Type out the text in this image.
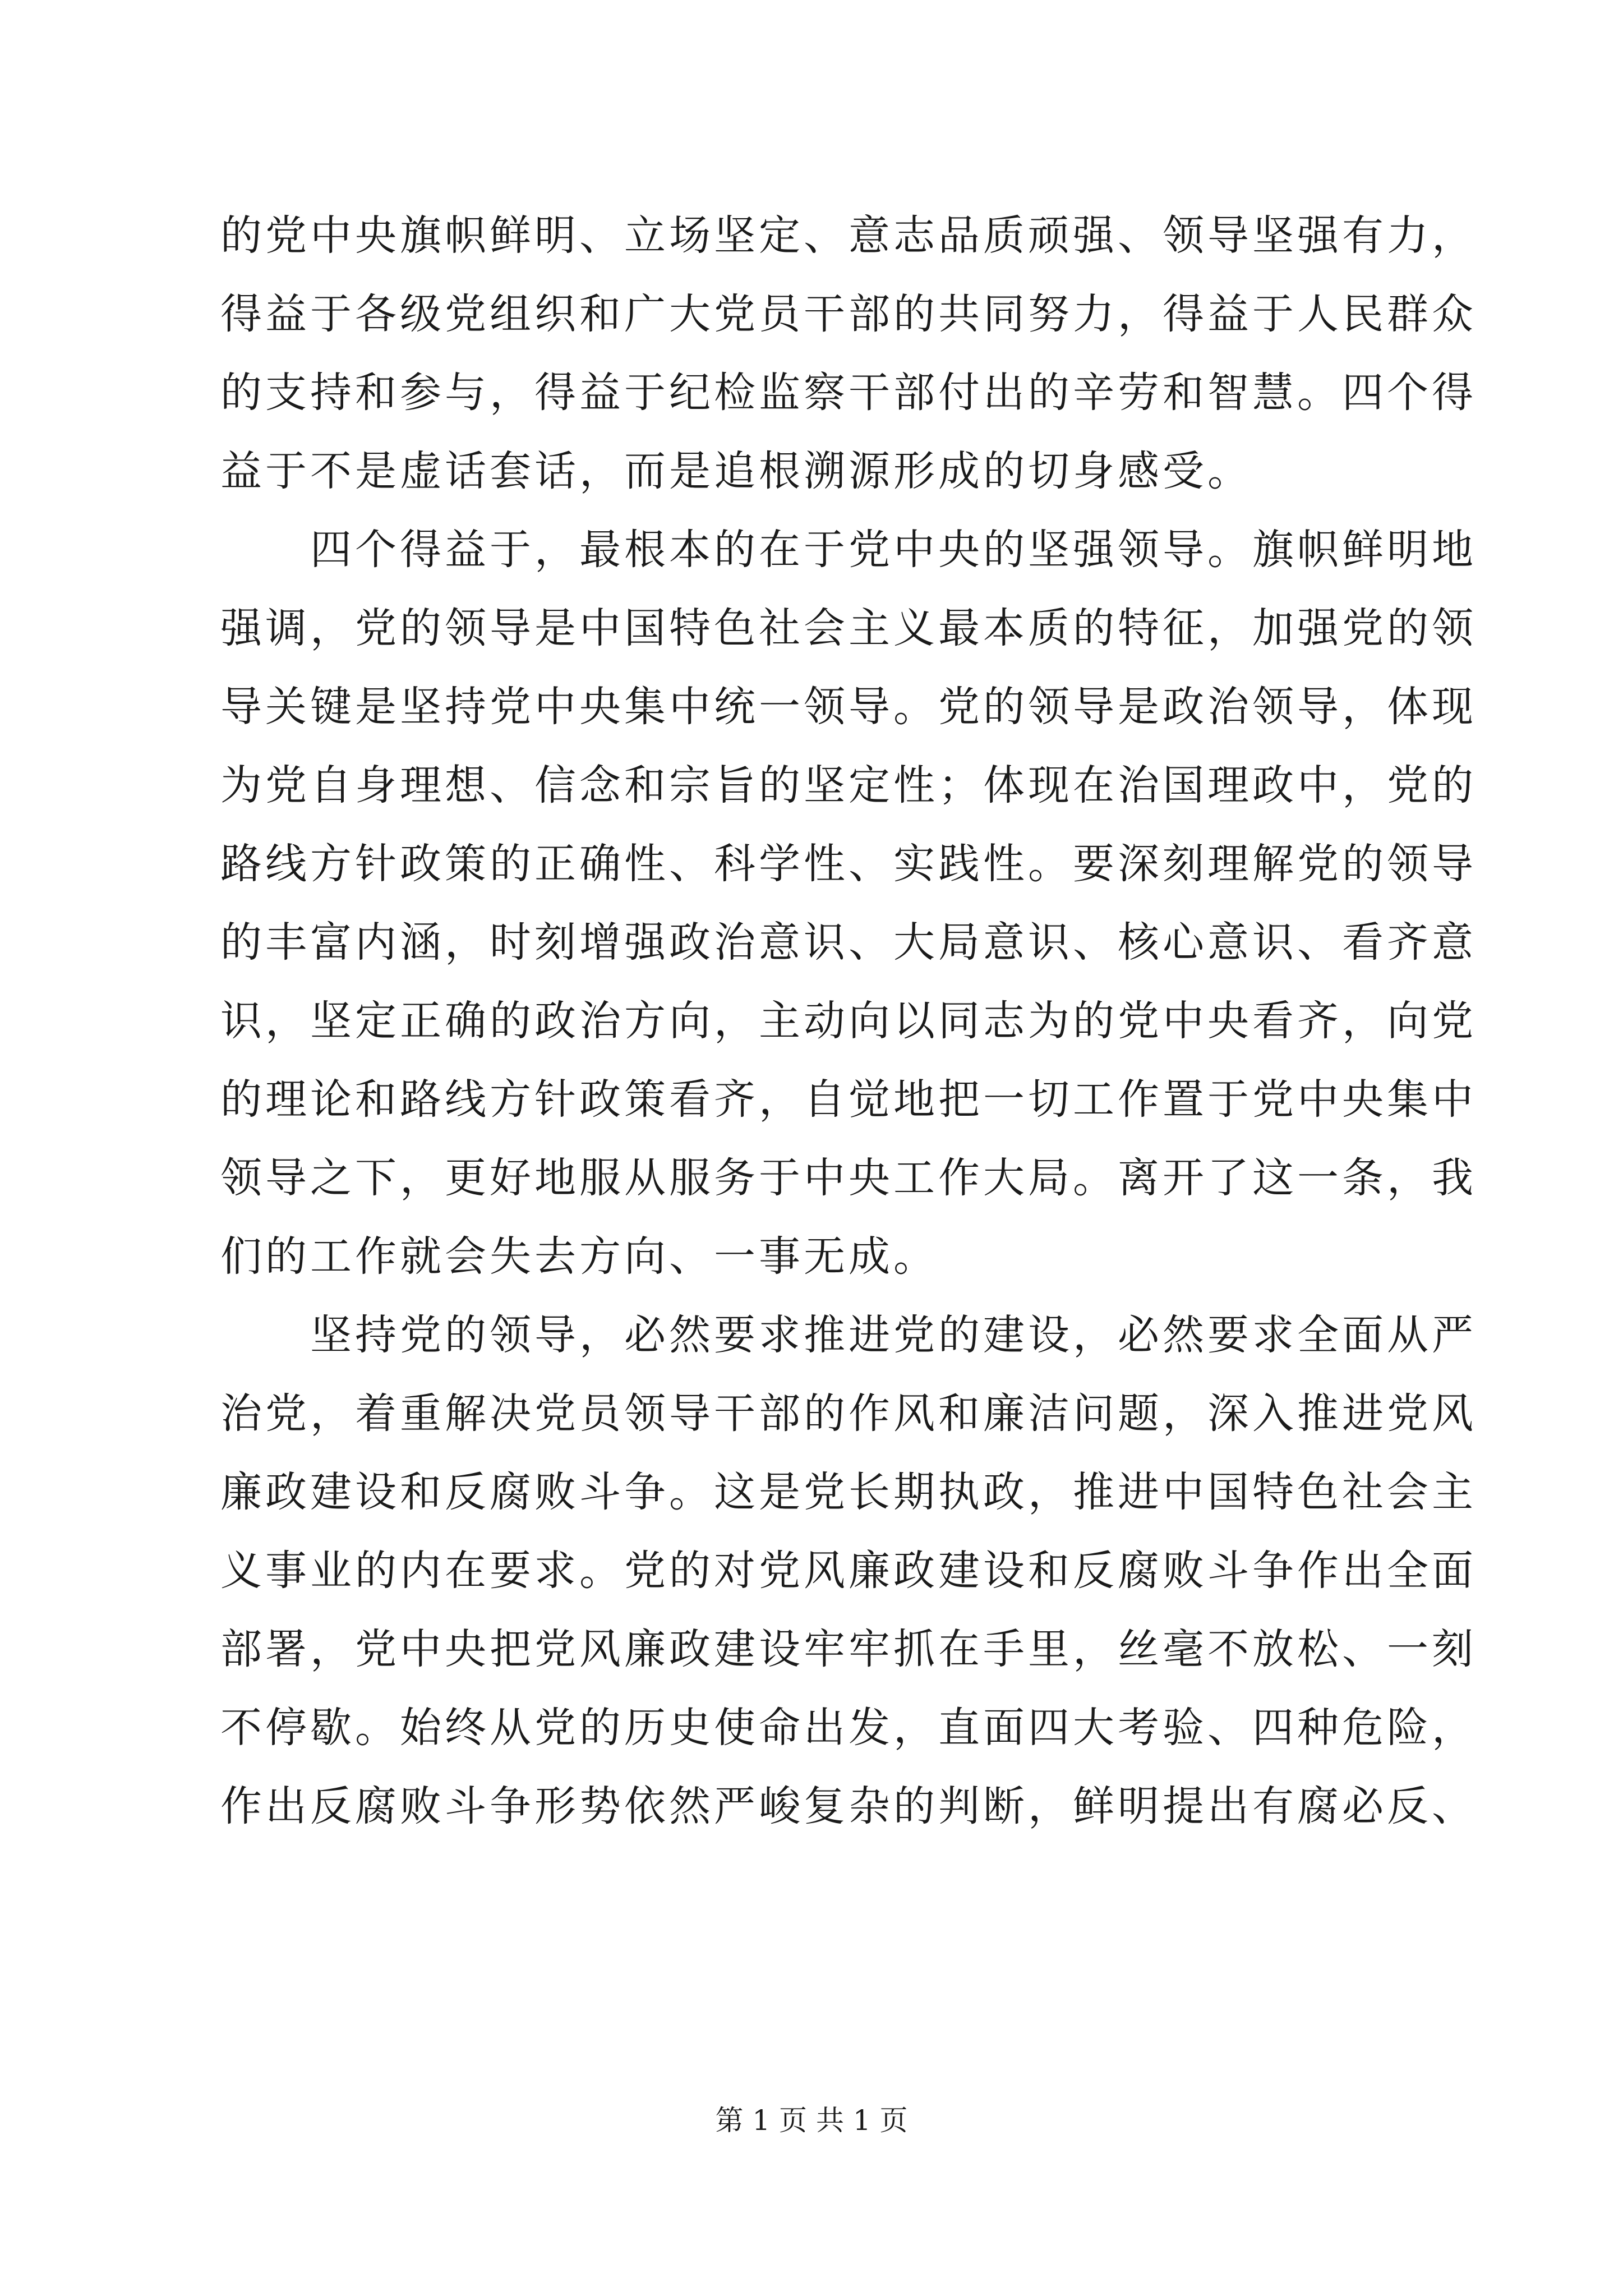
的党中央旗帜鲜明、立场坚定、意志品质顽强、领导坚强有力，
得益于各级党组织和广大党员干部的共同努力，得益于人民群众
的支持和参与，得益于纪检监察干部付出的辛劳和智慧。四个得
益于不是虚话套话，而是追根溯源形成的切身感受。
　　四个得益于，最根本的在于党中央的坚强领导。旗帜鲜明地
强调，党的领导是中国特色社会主义最本质的特征，加强党的领
导关键是坚持党中央集中统一领导。党的领导是政治领导，体现
为党自身理想、信念和宗旨的坚定性；体现在治国理政中，党的
路线方针政策的正确性、科学性、实践性。要深刻理解党的领导
的丰富内涵，时刻增强政治意识、大局意识、核心意识、看齐意
识，坚定正确的政治方向，主动向以同志为的党中央看齐，向党
的理论和路线方针政策看齐，自觉地把一切工作置于党中央集中
领导之下，更好地服从服务于中央工作大局。离开了这一条，我
们的工作就会失去方向、一事无成。
　　坚持党的领导，必然要求推进党的建设，必然要求全面从严
治党，着重解决党员领导干部的作风和廉洁问题，深入推进党风
廉政建设和反腐败斗争。这是党长期执政，推进中国特色社会主
义事业的内在要求。党的对党风廉政建设和反腐败斗争作出全面
部署，党中央把党风廉政建设牢牢抓在手里，丝毫不放松、一刻
不停歇。始终从党的历史使命出发，直面四大考验、四种危险，
作出反腐败斗争形势依然严峻复杂的判断，鲜明提出有腐必反、
第 1 页 共 1 页
